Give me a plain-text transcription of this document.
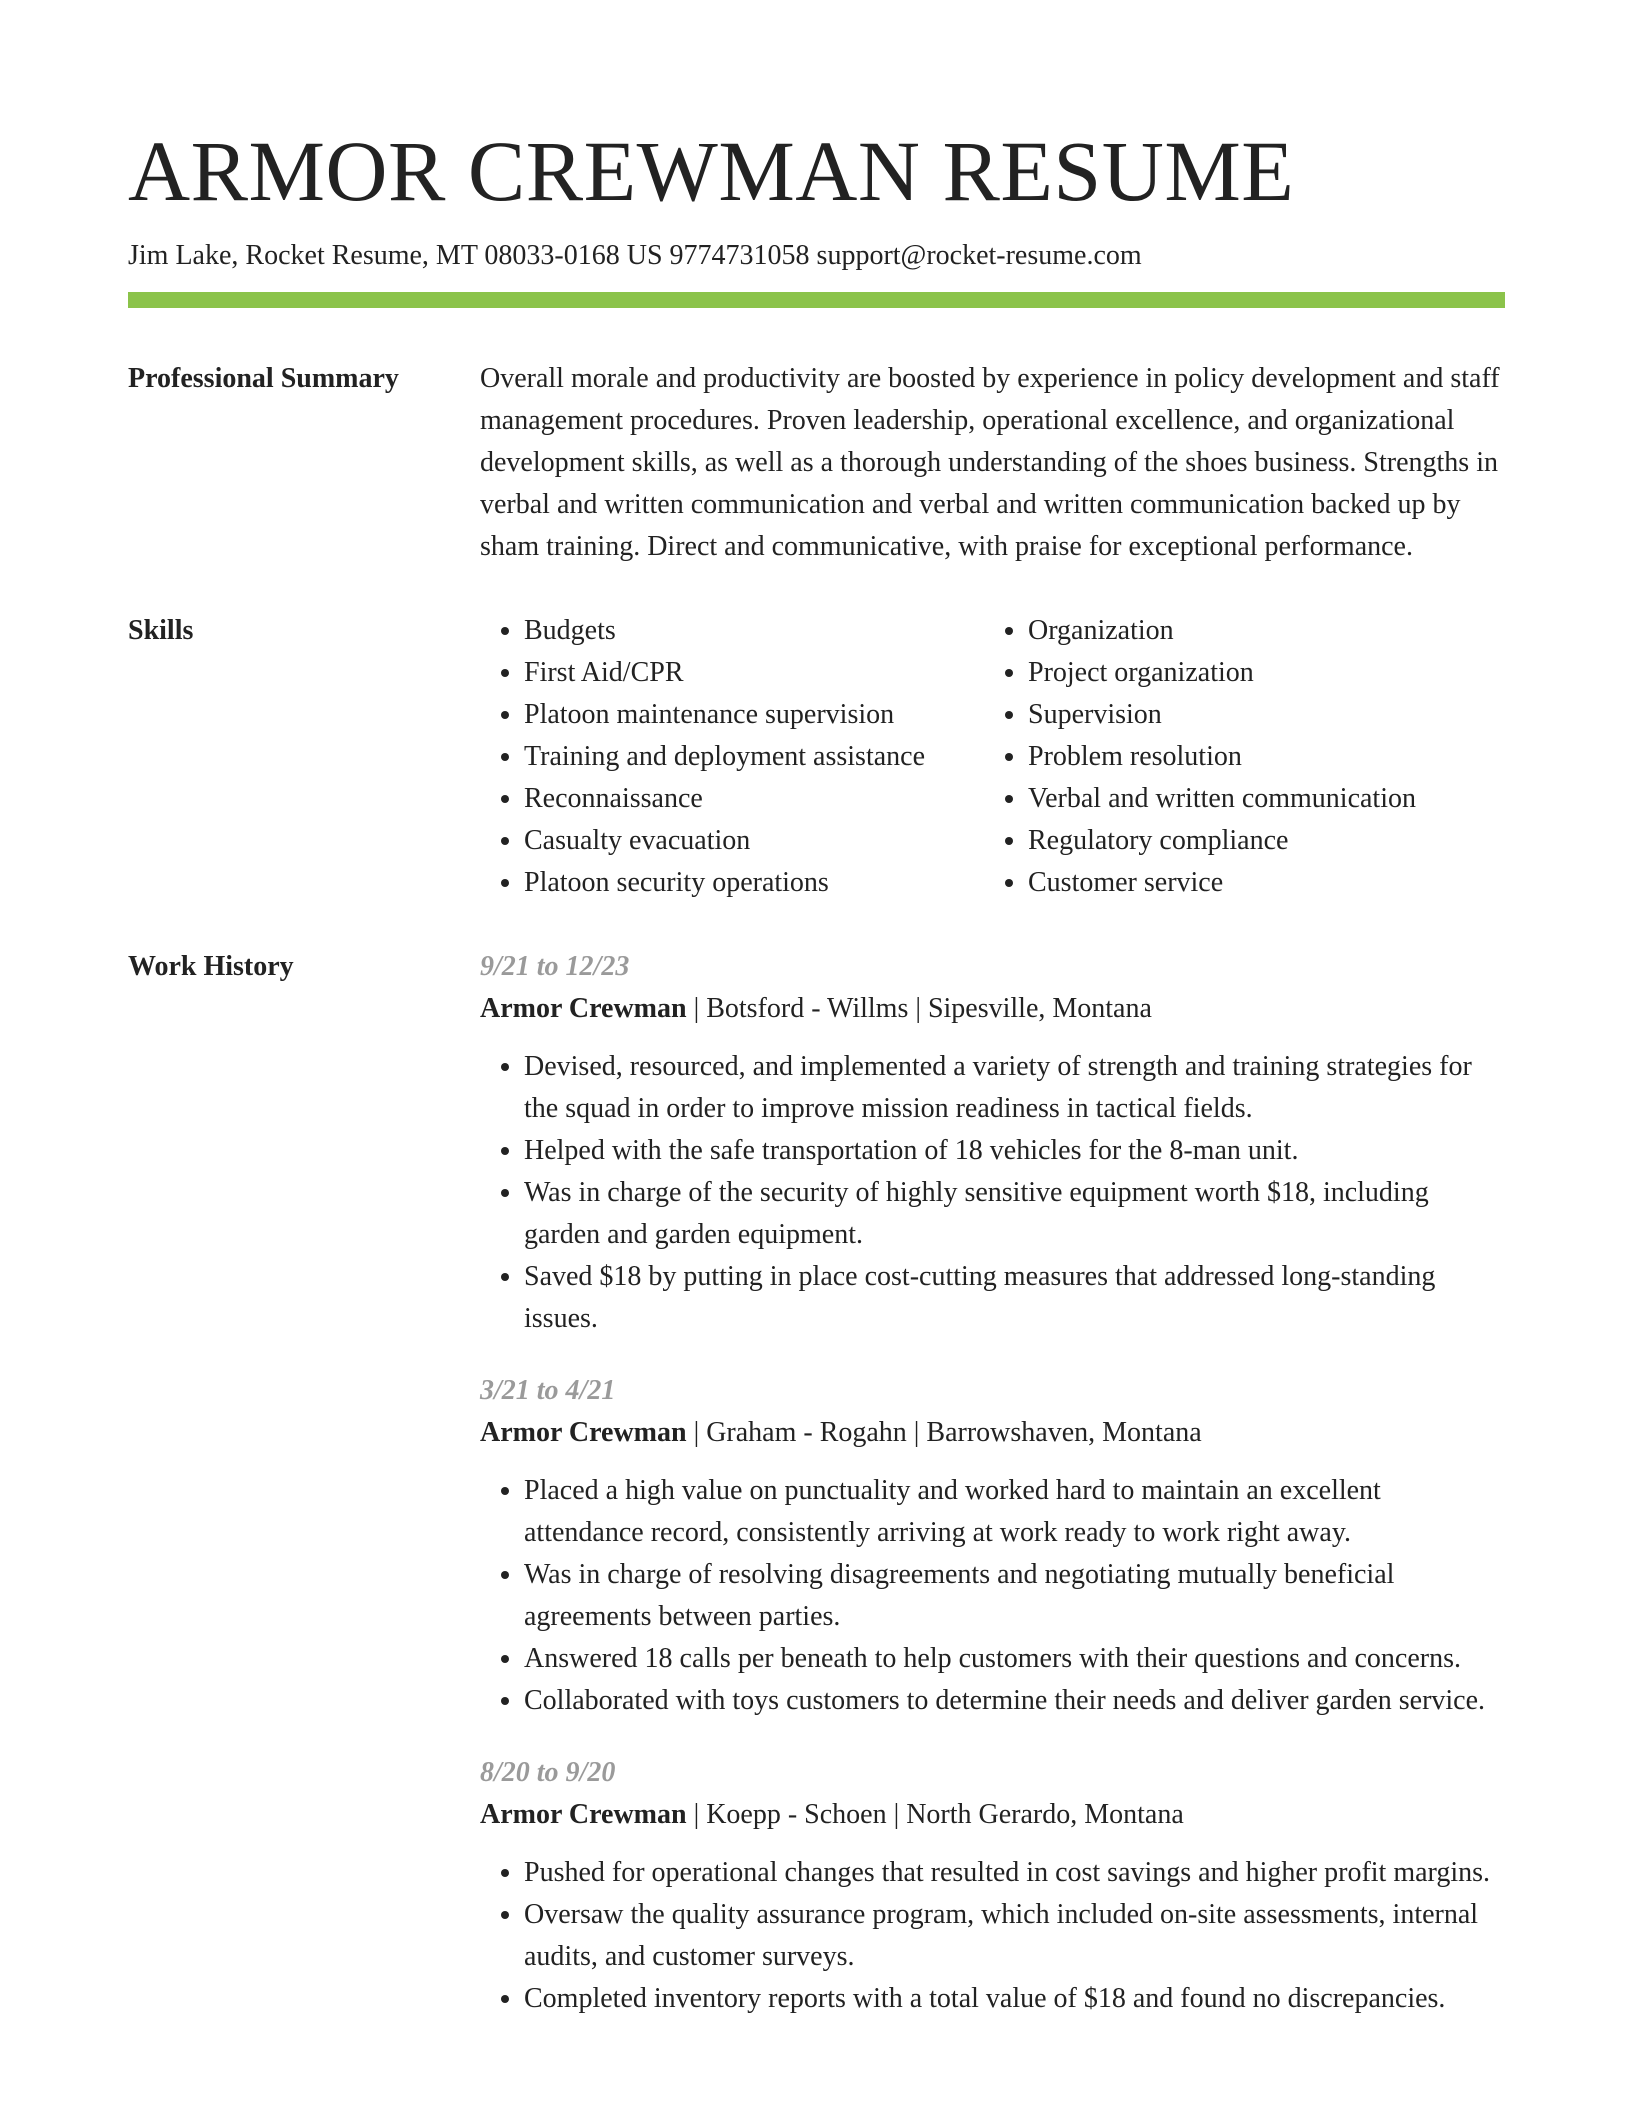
ARMOR CREWMAN RESUME
Jim Lake, Rocket Resume, MT 08033-0168 US 9774731058 support@rocket-resume.com
Professional Summary	Overall morale and productivity are boosted by experience in policy development and staff management procedures. Proven leadership, operational excellence, and organizational development skills, as well as a thorough understanding of the shoes business. Strengths in verbal and written communication and verbal and written communication backed up by sham training. Direct and communicative, with praise for exceptional performance.

Skills
•	Budgets
• First Aid/CPR
• Platoon maintenance supervision
• Training and deployment assistance
• Reconnaissance
• Casualty evacuation
• Platoon security operations
• Organization
• Project organization
• Supervision
• Problem resolution
• Verbal and written communication
• Regulatory compliance
• Customer service
Work History	9/21 to 12/23
Armor Crewman | Botsford - Willms | Sipesville, Montana
• Devised, resourced, and implemented a variety of strength and training strategies for the squad in order to improve mission readiness in tactical fields.
• Helped with the safe transportation of 18 vehicles for the 8-man unit.
• Was in charge of the security of highly sensitive equipment worth $18, including garden and garden equipment.
• Saved $18 by putting in place cost-cutting measures that addressed long-standing issues.
3/21 to 4/21
Armor Crewman | Graham - Rogahn | Barrowshaven, Montana
• Placed a high value on punctuality and worked hard to maintain an excellent attendance record, consistently arriving at work ready to work right away.
• Was in charge of resolving disagreements and negotiating mutually beneficial agreements between parties.
• Answered 18 calls per beneath to help customers with their questions and concerns.
• Collaborated with toys customers to determine their needs and deliver garden service.
8/20 to 9/20
Armor Crewman | Koepp - Schoen | North Gerardo, Montana
• Pushed for operational changes that resulted in cost savings and higher profit margins.
• Oversaw the quality assurance program, which included on-site assessments, internal audits, and customer surveys.
• Completed inventory reports with a total value of $18 and found no discrepancies.
